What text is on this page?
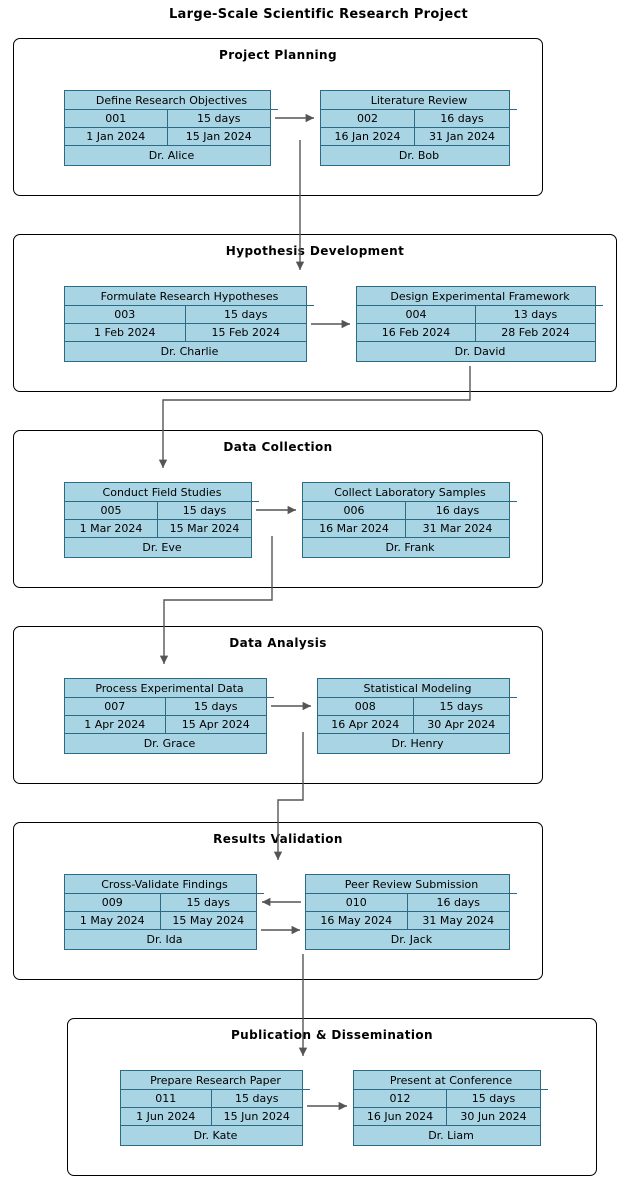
Large-Scale Scientific Research Project
Project Planning
Define Research Objectives
001	15 days
1 Jan 2024	15 Jan 2024
Dr. Alice
Literature Review
002	16 days
16 Jan 2024	31 Jan 2024
Dr. Bob
Hypothesis Development
Formulate Research Hypotheses
003	15 days
1 Feb 2024	15 Feb 2024
Dr. Charlie
Design Experimental Framework
004	13 days
16 Feb 2024	28 Feb 2024
Dr. David
Data Collection
Conduct Field Studies
005	15 days
1 Mar 2024	15 Mar 2024
Dr. Eve
Collect Laboratory Samples
006	16 days
16 Mar 2024	31 Mar 2024
Dr. Frank
Data Analysis
Process Experimental Data
007	15 days
1 Apr 2024	15 Apr 2024
Dr. Grace
Statistical Modeling
008	15 days
16 Apr 2024	30 Apr 2024
Dr. Henry
Results Validation
Cross-Validate Findings
009	15 days
1 May 2024	15 May 2024
Dr. Ida
Peer Review Submission
010	16 days
16 May 2024	31 May 2024
Dr. Jack
Publication & Dissemination
Prepare Research Paper
011	15 days
1 Jun 2024	15 Jun 2024
Dr. Kate
Present at Conference
012	15 days
16 Jun 2024	30 Jun 2024
Dr. Liam
